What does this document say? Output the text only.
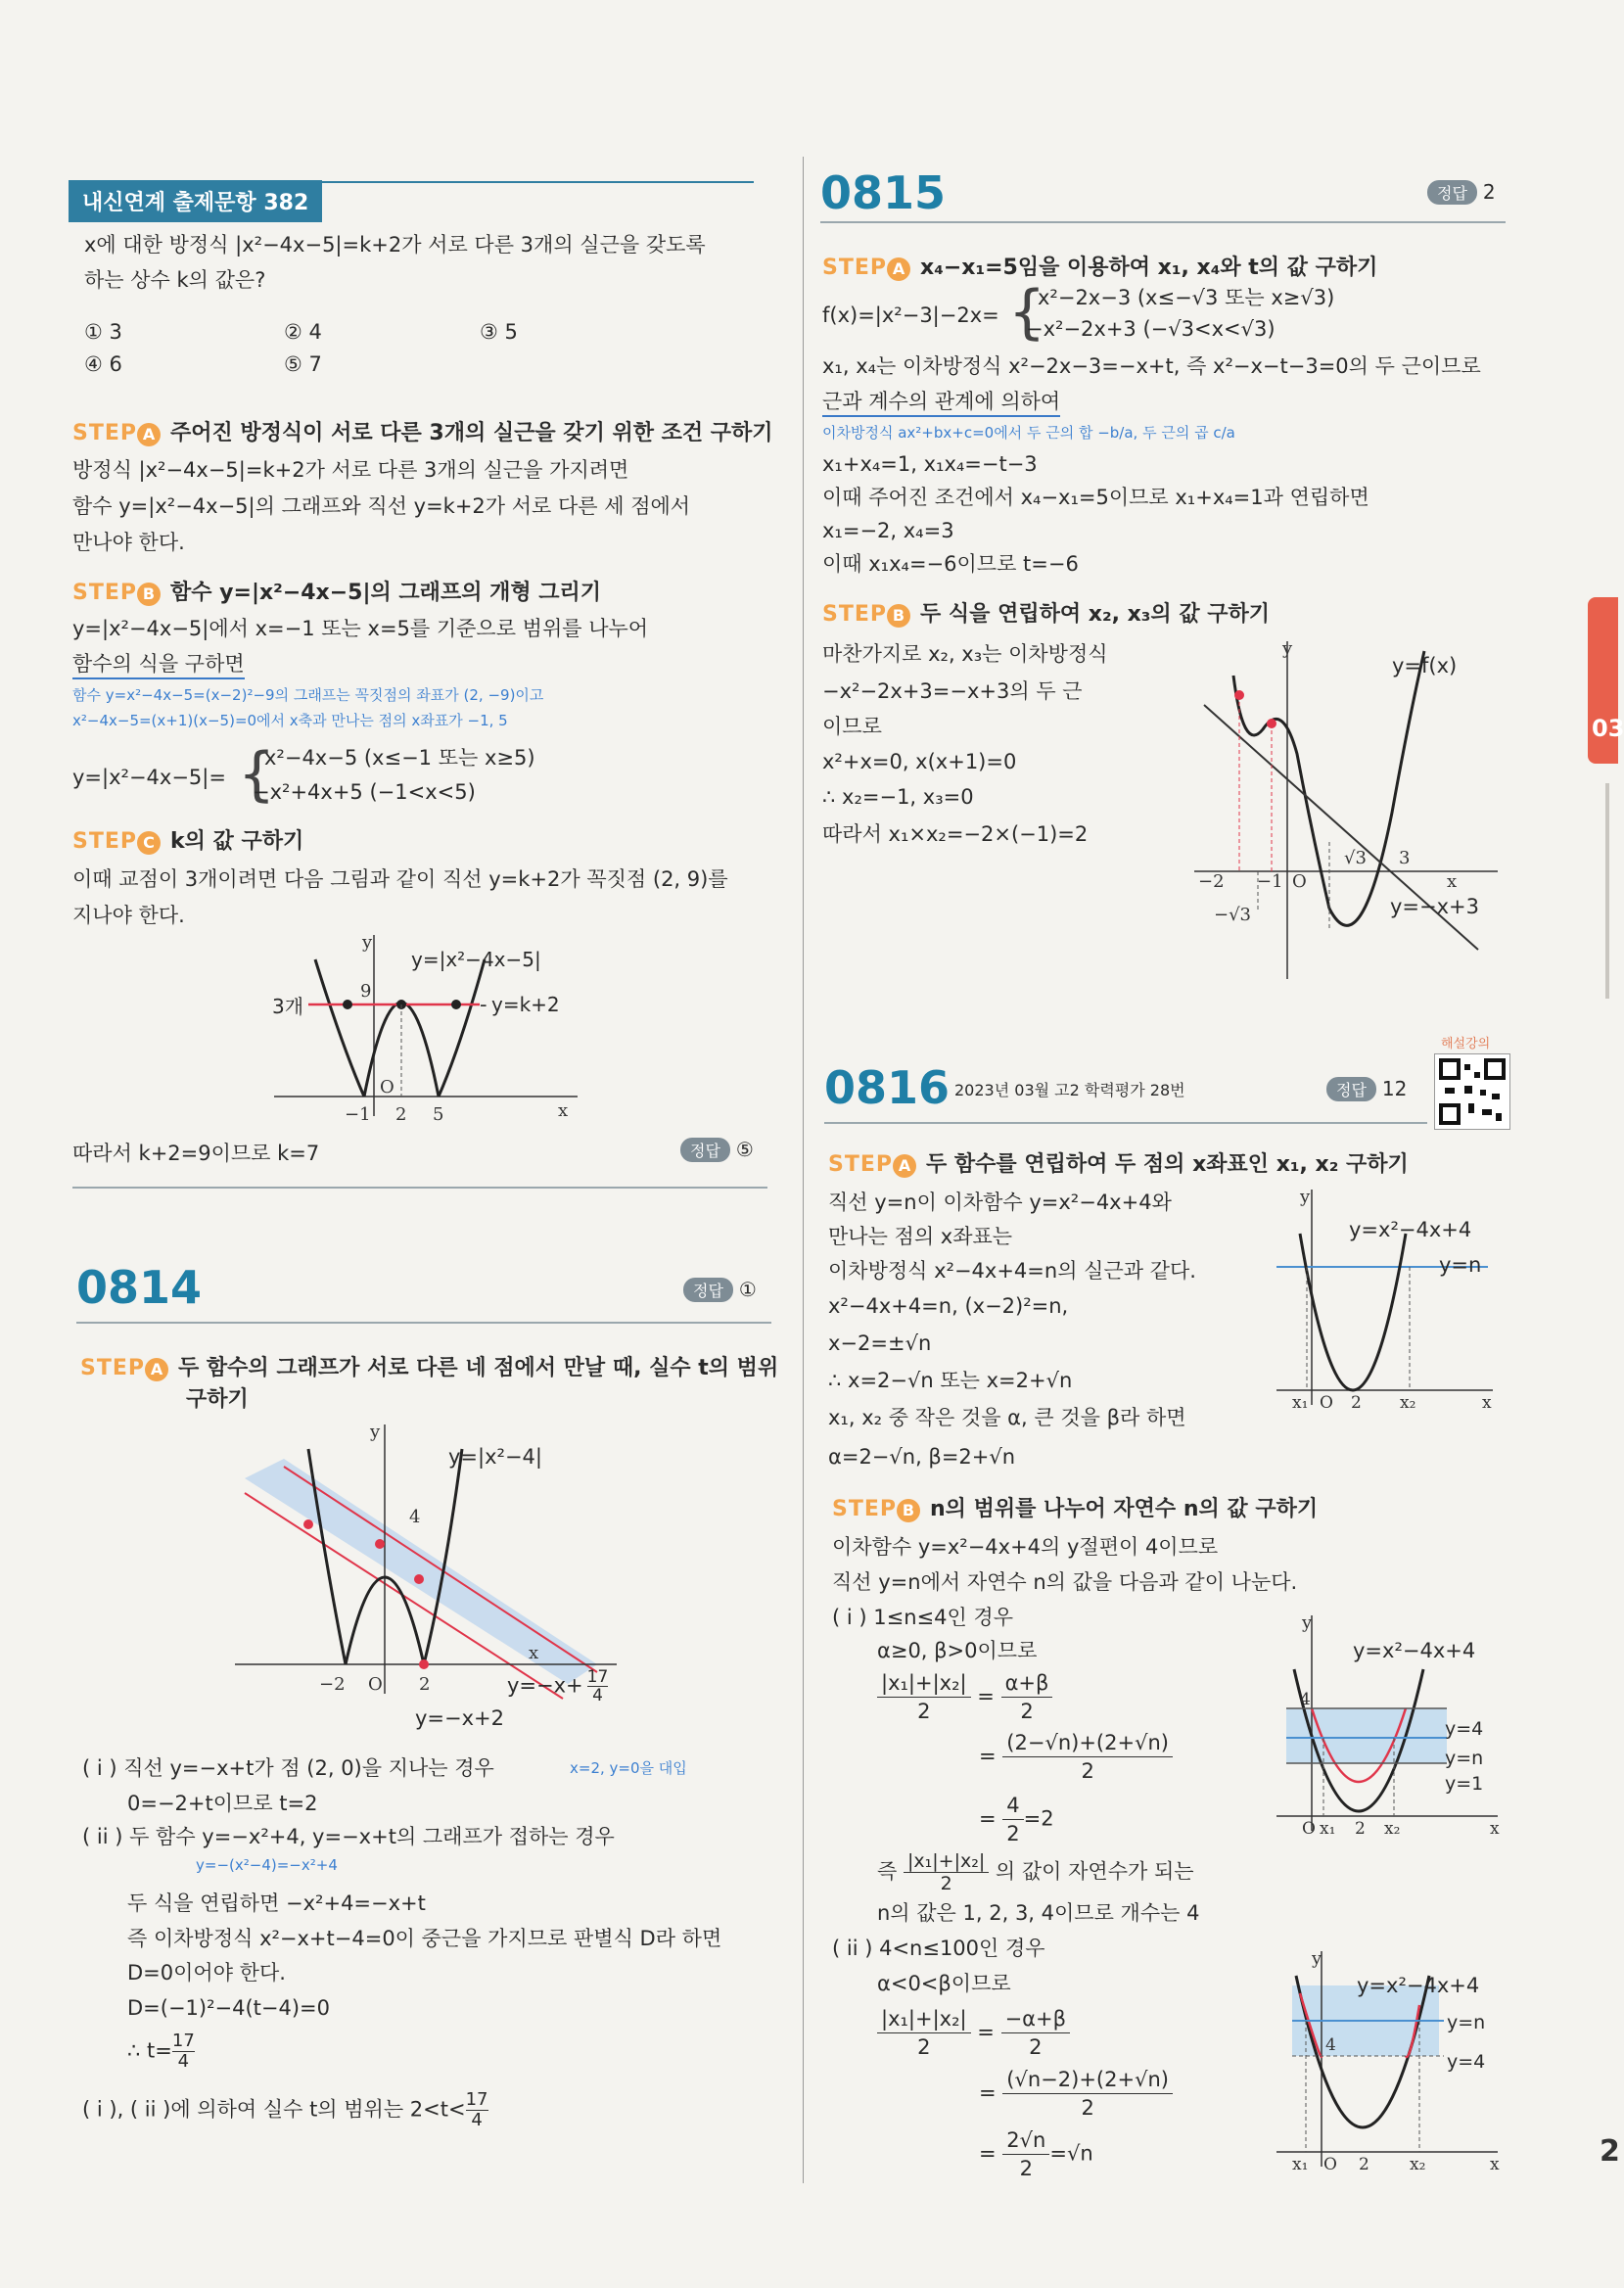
내신연계 출제문항 382
x에 대한 방정식 |x²−4x−5|=k+2가 서로 다른 3개의 실근을 갖도록
하는 상수 k의 값은?
① 3	② 4	③ 5
④ 6	⑤ 7
STEP A 주어진 방정식이 서로 다른 3개의 실근을 갖기 위한 조건 구하기
방정식 |x²−4x−5|=k+2가 서로 다른 3개의 실근을 가지려면
함수 y=|x²−4x−5|의 그래프와 직선 y=k+2가 서로 다른 세 점에서
만나야 한다.
STEP B 함수 y=|x²−4x−5|의 그래프의 개형 그리기
y=|x²−4x−5|에서 x=−1 또는 x=5를 기준으로 범위를 나누어
함수의 식을 구하면
함수 y=x²−4x−5=(x−2)²−9의 그래프는 꼭짓점의 좌표가 (2, −9)이고
x²−4x−5=(x+1)(x−5)=0에서 x축과 만나는 점의 x좌표가 −1, 5
y=|x²−4x−5|= {
x²−4x−5 (x≤−1 또는 x≥5)
−x²+4x+5 (−1<x<5)
STEP C k의 값 구하기
이때 교점이 3개이려면 다음 그림과 같이 직선 y=k+2가 꼭짓점 (2, 9)를
지나야 한다.
y
9
O
−1 2 5	x
y=|x²−4x−5|
3개	y=k+2
-
따라서 k+2=9이므로 k=7	정답 ⑤
0814	정답 ①
STEP A 두 함수의 그래프가 서로 다른 네 점에서 만날 때, 실수 t의 범위
구하기
y
4
−2 O 2
x
y=|x²−4|
$y=-x+ \frac{17}{4}$
y=−x+2
( i ) 직선 y=−x+t가 점 (2, 0)을 지나는 경우	x=2, y=0을 대입
0=−2+t이므로 t=2
( ii ) 두 함수 y=−x²+4, y=−x+t의 그래프가 접하는 경우
y=−(x²−4)=−x²+4
두 식을 연립하면 −x²+4=−x+t
즉 이차방정식 x²−x+t−4=0이 중근을 가지므로 판별식 D라 하면
D=0이어야 한다.
D=(−1)²−4(t−4)=0
∴ $t= \frac{17}{4}$
( i ), ( ii )에 의하여 실수 t의 범위는 $2<t< \frac{17}{4}$
0815	정답 2
STEP A x₄−x₁=5임을 이용하여 x₁, x₄와 t의 값 구하기
f(x)=|x²−3|−2x= {
x²−2x−3 (x≤−√3 또는 x≥√3)
−x²−2x+3 (−√3<x<√3)
x₁, x₄는 이차방정식 x²−2x−3=−x+t, 즉 x²−x−t−3=0의 두 근이므로
근과 계수의 관계에 의하여
이차방정식 ax²+bx+c=0에서 두 근의 합 −b/a, 두 근의 곱 c/a
x₁+x₄=1, x₁x₄=−t−3
이때 주어진 조건에서 x₄−x₁=5이므로 x₁+x₄=1과 연립하면
x₁=−2, x₄=3
이때 x₁x₄=−6이므로 t=−6
STEP B 두 식을 연립하여 x₂, x₃의 값 구하기
마찬가지로 x₂, x₃는 이차방정식
−x²−2x+3=−x+3의 두 근
이므로
x²+x=0, x(x+1)=0
∴ x₂=−1, x₃=0
따라서 x₁×x₂=−2×(−1)=2
y
−2 −1 O
√3 3
−√3
x
y=f(x)
y=−x+3
0816 2023년 03월 고2 학력평가 28번	정답 12
해설강의
STEP A 두 함수를 연립하여 두 점의 x좌표인 x₁, x₂ 구하기
직선 y=n이 이차함수 y=x²−4x+4와
만나는 점의 x좌표는
이차방정식 x²−4x+4=n의 실근과 같다.
x²−4x+4=n, (x−2)²=n,
x−2=±√n
∴ x=2−√n 또는 x=2+√n
x₁, x₂ 중 작은 것을 α, 큰 것을 β라 하면
α=2−√n, β=2+√n
y
x₁ O 2 x₂	x
y=x²−4x+4
y=n
STEP B n의 범위를 나누어 자연수 n의 값 구하기
이차함수 y=x²−4x+4의 y절편이 4이므로
직선 y=n에서 자연수 n의 값을 다음과 같이 나눈다.
( i ) 1≤n≤4인 경우
α≥0, β>0이므로
$\frac{\text{|x₁|+|x₂|}}{2} = \frac{\alpha+\beta}{2}$
= $\frac{(2-√n)+(2+√n)}{2}$
= $\frac{4}{2} =2$
y
4
O x₁ 2 x₂	x
y=x²−4x+4
y=4
y=n
y=1
즉 $\frac{\text{|x₁|+|x₂|}}{2}$ 의 값이 자연수가 되는
n의 값은 1, 2, 3, 4이므로 개수는 4
( ii ) 4<n≤100인 경우
α<0<β이므로
$\frac{\text{|x₁|+|x₂|}}{2} = \frac{-\alpha+\beta}{2}$
= $\frac{(√n-2)+(2+√n)}{2}$
= $\frac{2√n}{2} =√n$
y
4
x₁ O 2 x₂	x
y=x²−4x+4
y=n
y=4
03
2
